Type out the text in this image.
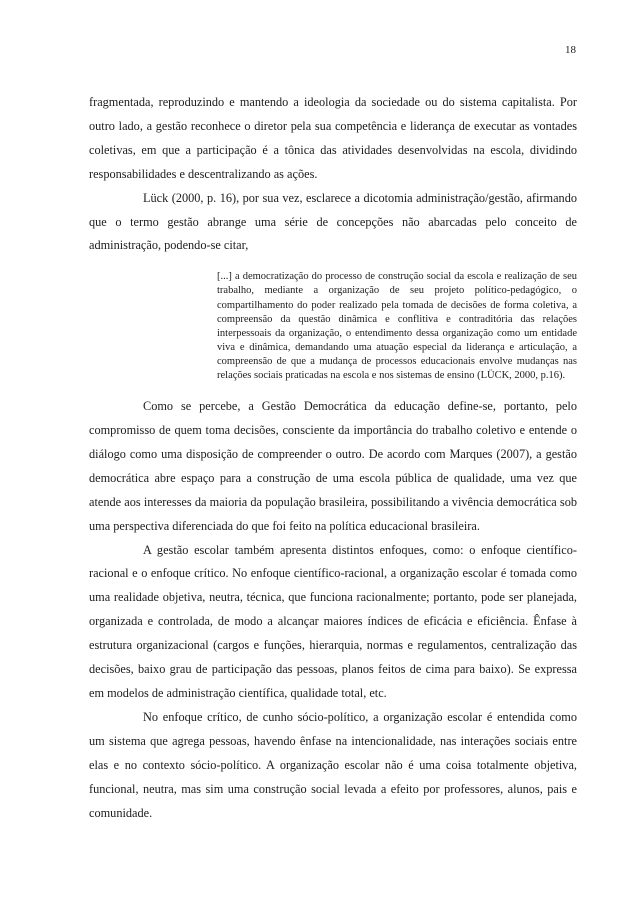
18

fragmentada, reproduzindo e mantendo a ideologia da sociedade ou do sistema capitalista. Por outro lado, a gestão reconhece o diretor pela sua competência e liderança de executar as vontades coletivas, em que a participação é a tônica das atividades desenvolvidas na escola, dividindo responsabilidades e descentralizando as ações.

Lück (2000, p. 16), por sua vez, esclarece a dicotomia administração/gestão, afirmando que o termo gestão abrange uma série de concepções não abarcadas pelo conceito de administração, podendo-se citar,

[...] a democratização do processo de construção social da escola e realização de seu trabalho, mediante a organização de seu projeto político-pedagógico, o compartilhamento do poder realizado pela tomada de decisões de forma coletiva, a compreensão da questão dinâmica e conflitiva e contraditória das relações interpessoais da organização, o entendimento dessa organização como um entidade viva e dinâmica, demandando uma atuação especial da liderança e articulação, a compreensão de que a mudança de processos educacionais envolve mudanças nas relações sociais praticadas na escola e nos sistemas de ensino (LÜCK, 2000, p.16).

Como se percebe, a Gestão Democrática da educação define-se, portanto, pelo compromisso de quem toma decisões, consciente da importância do trabalho coletivo e entende o diálogo como uma disposição de compreender o outro. De acordo com Marques (2007), a gestão democrática abre espaço para a construção de uma escola pública de qualidade, uma vez que atende aos interesses da maioria da população brasileira, possibilitando a vivência democrática sob uma perspectiva diferenciada do que foi feito na política educacional brasileira.

A gestão escolar também apresenta distintos enfoques, como: o enfoque científico-racional e o enfoque crítico. No enfoque científico-racional, a organização escolar é tomada como uma realidade objetiva, neutra, técnica, que funciona racionalmente; portanto, pode ser planejada, organizada e controlada, de modo a alcançar maiores índices de eficácia e eficiência. Ênfase à estrutura organizacional (cargos e funções, hierarquia, normas e regulamentos, centralização das decisões, baixo grau de participação das pessoas, planos feitos de cima para baixo). Se expressa em modelos de administração científica, qualidade total, etc.

No enfoque crítico, de cunho sócio-político, a organização escolar é entendida como um sistema que agrega pessoas, havendo ênfase na intencionalidade, nas interações sociais entre elas e no contexto sócio-político. A organização escolar não é uma coisa totalmente objetiva, funcional, neutra, mas sim uma construção social levada a efeito por professores, alunos, pais e comunidade.
